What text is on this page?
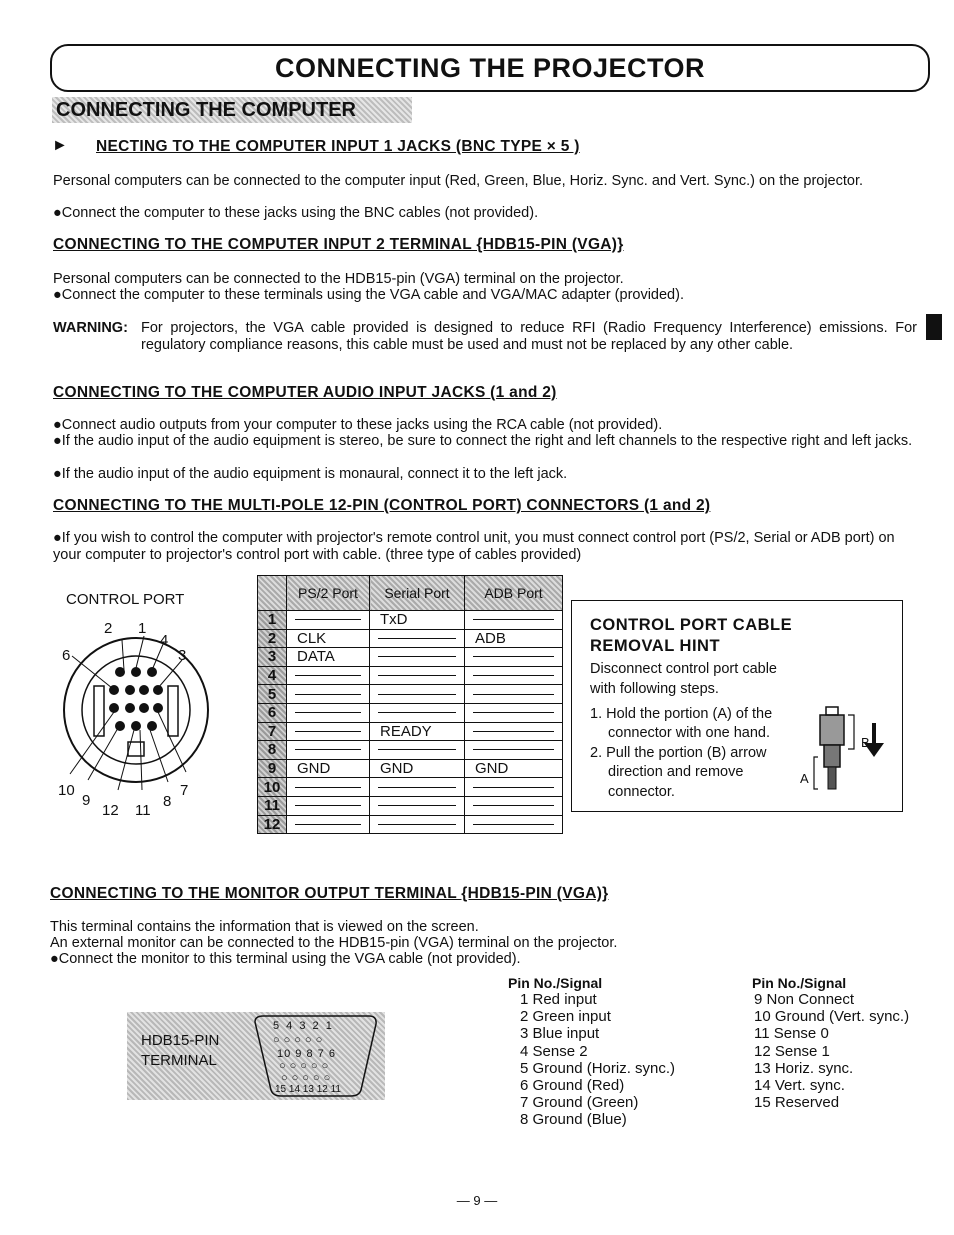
CONNECTING THE PROJECTOR
CONNECTING THE COMPUTER
► NECTING TO THE COMPUTER INPUT 1 JACKS (BNC TYPE × 5 )
Personal computers can be connected to the computer input (Red, Green, Blue, Horiz. Sync. and Vert. Sync.) on the projector.
●Connect the computer to these jacks using the BNC cables (not provided).
CONNECTING TO THE COMPUTER INPUT 2 TERMINAL {HDB15-PIN (VGA)}
Personal computers can be connected to the HDB15-pin (VGA) terminal on the projector.
●Connect the computer to these terminals using the VGA cable and VGA/MAC adapter (provided).
WARNING: For projectors, the VGA cable provided is designed to reduce RFI (Radio Frequency Interference) emissions. For regulatory compliance reasons, this cable must be used and must not be replaced by any other cable.
CONNECTING TO THE COMPUTER AUDIO INPUT JACKS (1 and 2)
●Connect audio outputs from your computer to these jacks using the RCA cable (not provided).
●If the audio input of the audio equipment is stereo, be sure to connect the right and left channels to the respective right and left jacks.
●If the audio input of the audio equipment is monaural, connect it to the left jack.
CONNECTING TO THE MULTI-POLE 12-PIN (CONTROL PORT) CONNECTORS (1 and 2)
●If you wish to control the computer with projector's remote control unit, you must connect control port (PS/2, Serial or ADB port) on your computer to projector's control port with cable. (three type of cables provided)
CONTROL PORT
2 1
4
6	3
10
9
12 11
8
7
	PS/2 Port	Serial Port	ADB Port
1		TxD	

2	CLK		ADB
3	DATA	

4	

5	

6	

7		READY	

8	

9	GND	GND	GND
10	

11	

12	

CONTROL PORT CABLE
REMOVAL HINT
Disconnect control port cable
with following steps.
1. Hold the portion (A) of the
connector with one hand.
2. Pull the portion (B) arrow
direction and remove
connector.
B
A
CONNECTING TO THE MONITOR OUTPUT TERMINAL {HDB15-PIN (VGA)}
This terminal contains the information that is viewed on the screen.
An external monitor can be connected to the HDB15-pin (VGA) terminal on the projector.
●Connect the monitor to this terminal using the VGA cable (not provided).
HDB15-PIN
TERMINAL
5 4 3 2 1
○○○○○
10 9 8 7 6
○○○○○
○○○○○
15 14 13 12 11
Pin No./Signal	Pin No./Signal
1 Red input
2 Green input
3 Blue input
4 Sense 2
5 Ground (Horiz. sync.)
6 Ground (Red)
7 Ground (Green)
8 Ground (Blue)
9 Non Connect
10 Ground (Vert. sync.)
11 Sense 0
12 Sense 1
13 Horiz. sync.
14 Vert. sync.
15 Reserved
— 9 —
